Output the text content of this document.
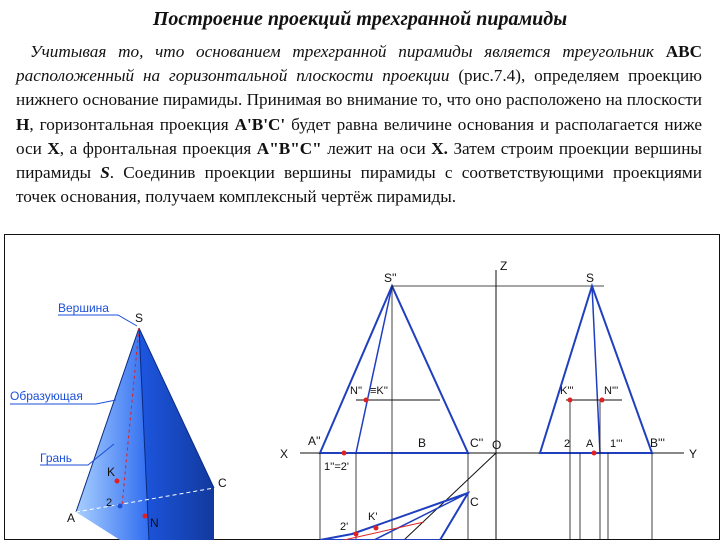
Построение проекций трехгранной пирамиды

Учитывая то, что основанием трехгранной пирамиды является треугольник АВС расположенный на горизонтальной плоскости проекции (рис.7.4), определяем проекцию нижнего основание пирамиды. Принимая во внимание то, что оно расположено на плоскости Н, горизонтальная проекция A'B'C' будет равна величине основания и располагается ниже оси X, а фронтальная проекция A"B"C" лежит на оси X. Затем строим проекции вершины пирамиды S. Соединив проекции вершины пирамиды с соответствующими проекциями точек основания, получаем комплексный чертёж пирамиды.

S
K
2
A	N
C
Вершина
Образующая
Грань	X	Y
Z
O
S''
N'' ≡K''
A''	B	C''
1''=2'
S
K'''	N'''
2 A 1''' B'''
2'
K'
C
